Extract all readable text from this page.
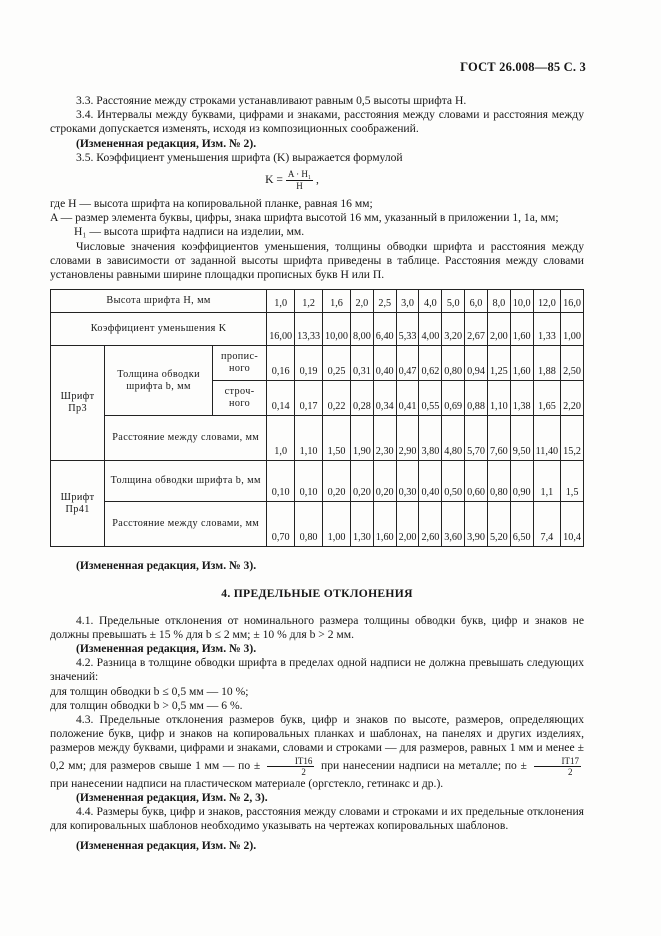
ГОСТ 26.008—85 С. 3

3.3. Расстояние между строками устанавливают равным 0,5 высоты шрифта H.

3.4. Интервалы между буквами, цифрами и знаками, расстояния между словами и расстояния между строками допускается изменять, исходя из композиционных соображений.

(Измененная редакция, Изм. № 2).

3.5. Коэффициент уменьшения шрифта (K) выражается формулой

$K = \frac{\text{A · H₁}}{H}$ ,

где H — высота шрифта на копировальной планке, равная 16 мм;

A — размер элемента буквы, цифры, знака шрифта высотой 16 мм, указанный в приложении 1, 1а, мм;

H₁ — высота шрифта надписи на изделии, мм.

Числовые значения коэффициентов уменьшения, толщины обводки шрифта и расстояния между словами в зависимости от заданной высоты шрифта приведены в таблице. Расстояния между словами установлены равными ширине площадки прописных букв Н или П.

Высота шрифта H, мм			1,0	1,2	1,6	2,0	2,5	3,0	4,0	5,0	6,0	8,0	10,0	12,0	16,0
Коэффициент уменьшения K			16,00	13,33	10,00	8,00	6,40	5,33	4,00	3,20	2,67	2,00	1,60	1,33	1,00
Шрифт Пр3	Толщина обводки шрифта b, мм	пропис-ного	0,16	0,19	0,25	0,31	0,40	0,47	0,62	0,80	0,94	1,25	1,60	1,88	2,50
		строч-ного	0,14	0,17	0,22	0,28	0,34	0,41	0,55	0,69	0,88	1,10	1,38	1,65	2,20
	Расстояние между словами, мм		1,0	1,10	1,50	1,90	2,30	2,90	3,80	4,80	5,70	7,60	9,50	11,40	15,2
Шрифт Пр41	Толщина обводки шрифта b, мм		0,10	0,10	0,20	0,20	0,20	0,30	0,40	0,50	0,60	0,80	0,90	1,1	1,5
	Расстояние между словами, мм		0,70	0,80	1,00	1,30	1,60	2,00	2,60	3,60	3,90	5,20	6,50	7,4	10,4

(Измененная редакция, Изм. № 3).

4. ПРЕДЕЛЬНЫЕ ОТКЛОНЕНИЯ

4.1. Предельные отклонения от номинального размера толщины обводки букв, цифр и знаков не должны превышать ± 15 % для b ≤ 2 мм; ± 10 % для b > 2 мм.

(Измененная редакция, Изм. № 3).

4.2. Разница в толщине обводки шрифта в пределах одной надписи не должна превышать следующих значений:

для толщин обводки b ≤ 0,5 мм — 10 %;

для толщин обводки b > 0,5 мм — 6 %.

4.3. Предельные отклонения размеров букв, цифр и знаков по высоте, размеров, определяющих положение букв, цифр и знаков на копировальных планках и шаблонах, на панелях и других изделиях, размеров между буквами, цифрами и знаками, словами и строками — для размеров, равных 1 мм и менее ± 0,2 мм; для размеров свыше 1 мм — по ± $\frac{IT16}{2}$ при нанесении надписи на металле; по ± $\frac{IT17}{2}$
при нанесении надписи на пластическом материале (оргстекло, гетинакс и др.).

(Измененная редакция, Изм. № 2, 3).

4.4. Размеры букв, цифр и знаков, расстояния между словами и строками и их предельные отклонения для копировальных шаблонов необходимо указывать на чертежах копировальных шаблонов.

(Измененная редакция, Изм. № 2).
